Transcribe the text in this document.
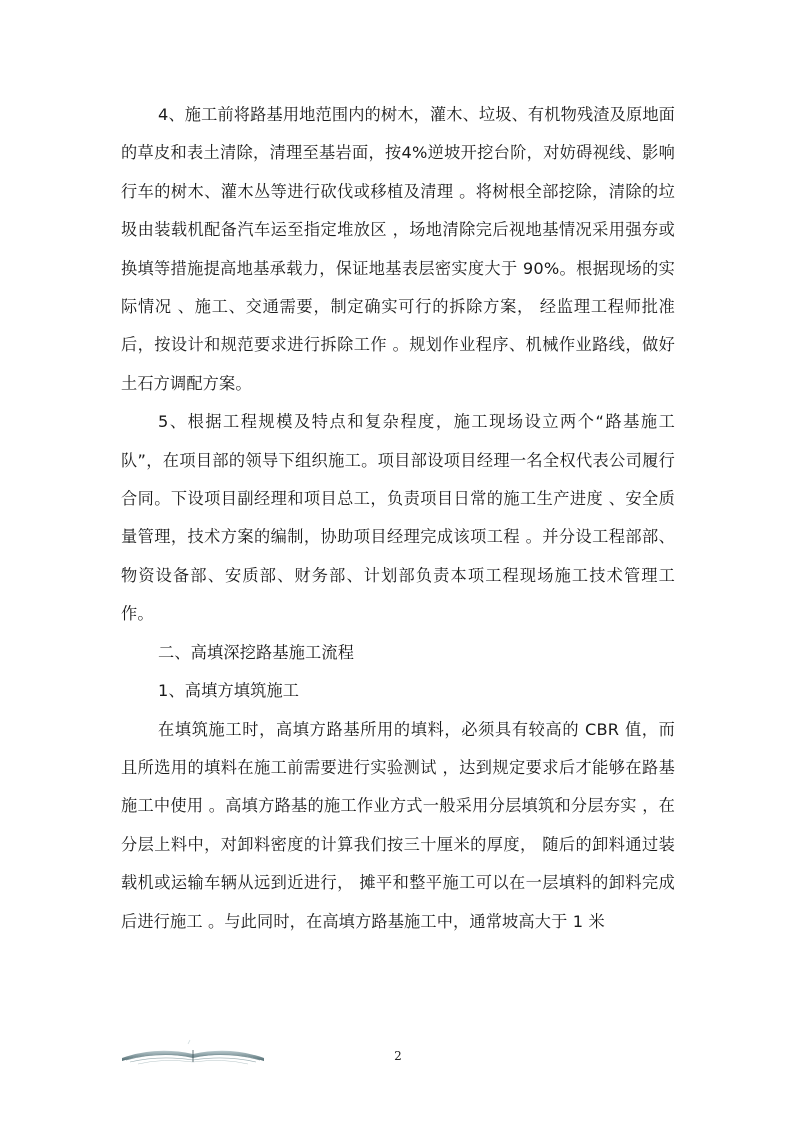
4、施工前将路基用地范围内的树木，灌木、垃圾、有机物残渣及原地面的草皮和表土清除，清理至基岩面，按4%逆坡开挖台阶，对妨碍视线、影响行车的树木、灌木丛等进行砍伐或移植及清理 。将树根全部挖除，清除的垃圾由装载机配备汽车运至指定堆放区 ，场地清除完后视地基情况采用强夯或换填等措施提高地基承载力，保证地基表层密实度大于 90%。根据现场的实际情况 、施工、交通需要，制定确实可行的拆除方案， 经监理工程师批准后，按设计和规范要求进行拆除工作 。规划作业程序、机械作业路线，做好土石方调配方案。

5、根据工程规模及特点和复杂程度，施工现场设立两个“路基施工队”，在项目部的领导下组织施工。项目部设项目经理一名全权代表公司履行合同。下设项目副经理和项目总工，负责项目日常的施工生产进度 、安全质量管理，技术方案的编制，协助项目经理完成该项工程 。并分设工程部部、物资设备部、安质部、财务部、计划部负责本项工程现场施工技术管理工作。

二、高填深挖路基施工流程

1、高填方填筑施工

在填筑施工时，高填方路基所用的填料，必须具有较高的 CBR 值，而且所选用的填料在施工前需要进行实验测试 ，达到规定要求后才能够在路基施工中使用 。高填方路基的施工作业方式一般采用分层填筑和分层夯实 ，在分层上料中，对卸料密度的计算我们按三十厘米的厚度， 随后的卸料通过装载机或运输车辆从远到近进行， 摊平和整平施工可以在一层填料的卸料完成后进行施工 。与此同时，在高填方路基施工中，通常坡高大于 1 米

2
